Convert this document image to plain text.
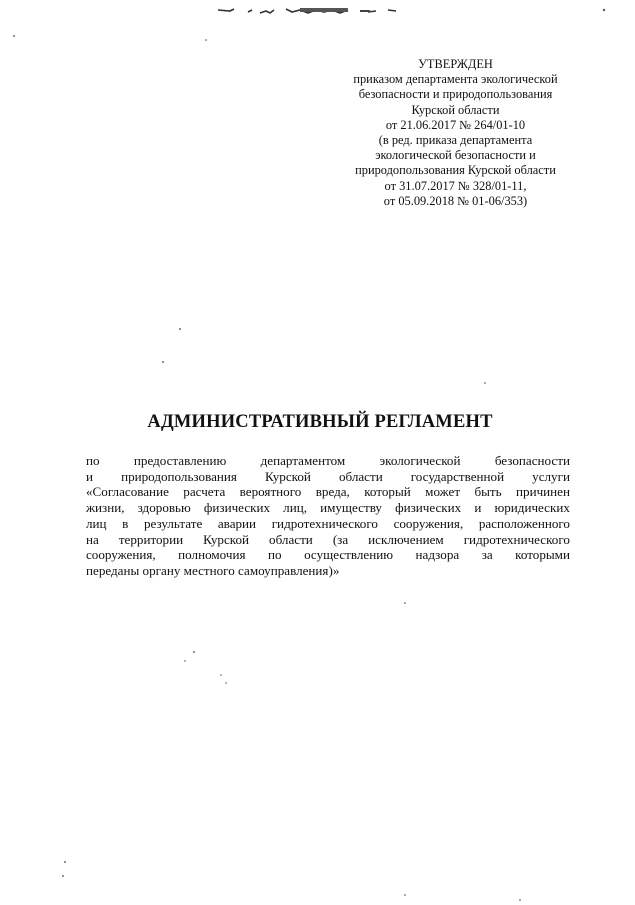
УТВЕРЖДЕН
приказом департамента экологической
безопасности и природопользования
Курской области
от 21.06.2017 № 264/01-10
(в ред. приказа департамента
экологической безопасности и
природопользования Курской области
от 31.07.2017 № 328/01-11,
от 05.09.2018 № 01-06/353)
АДМИНИСТРАТИВНЫЙ РЕГЛАМЕНТ
по	предоставлению	департаментом	экологической	безопасности
и природопользования Курской области государственной услуги
«Согласование расчета вероятного вреда, который может быть причинен
жизни, здоровью физических лиц, имуществу физических и юридических
лиц в результате аварии гидротехнического сооружения, расположенного
на территории Курской области (за исключением гидротехнического
сооружения, полномочия по осуществлению надзора за которыми
переданы органу местного самоуправления)»
